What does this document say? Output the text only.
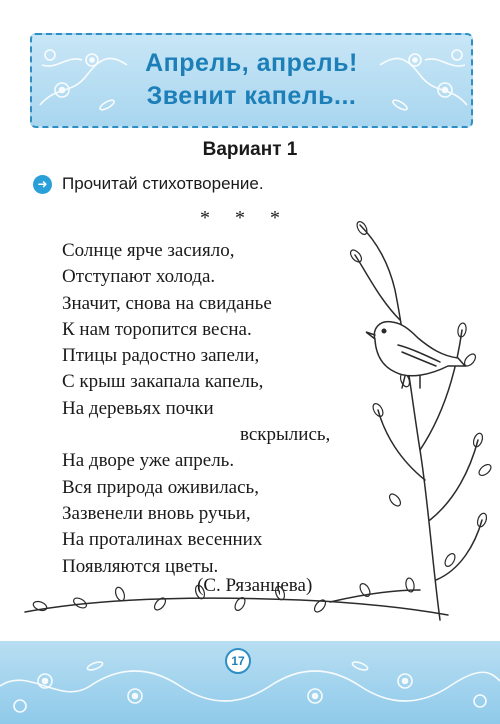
Апрель, апрель!
Звенит капель...
Вариант 1
➜ Прочитай стихотворение.
* * *
Солнце ярче засияло,
Отступают холода.
Значит, снова на свиданье
К нам торопится весна.
Птицы радостно запели,
С крыш закапала капель,
На деревьях почки
вскрылись,
На дворе уже апрель.
Вся природа оживилась,
Зазвенели вновь ручьи,
На проталинах весенних
Появляются цветы.
(С. Рязанцева)
17
